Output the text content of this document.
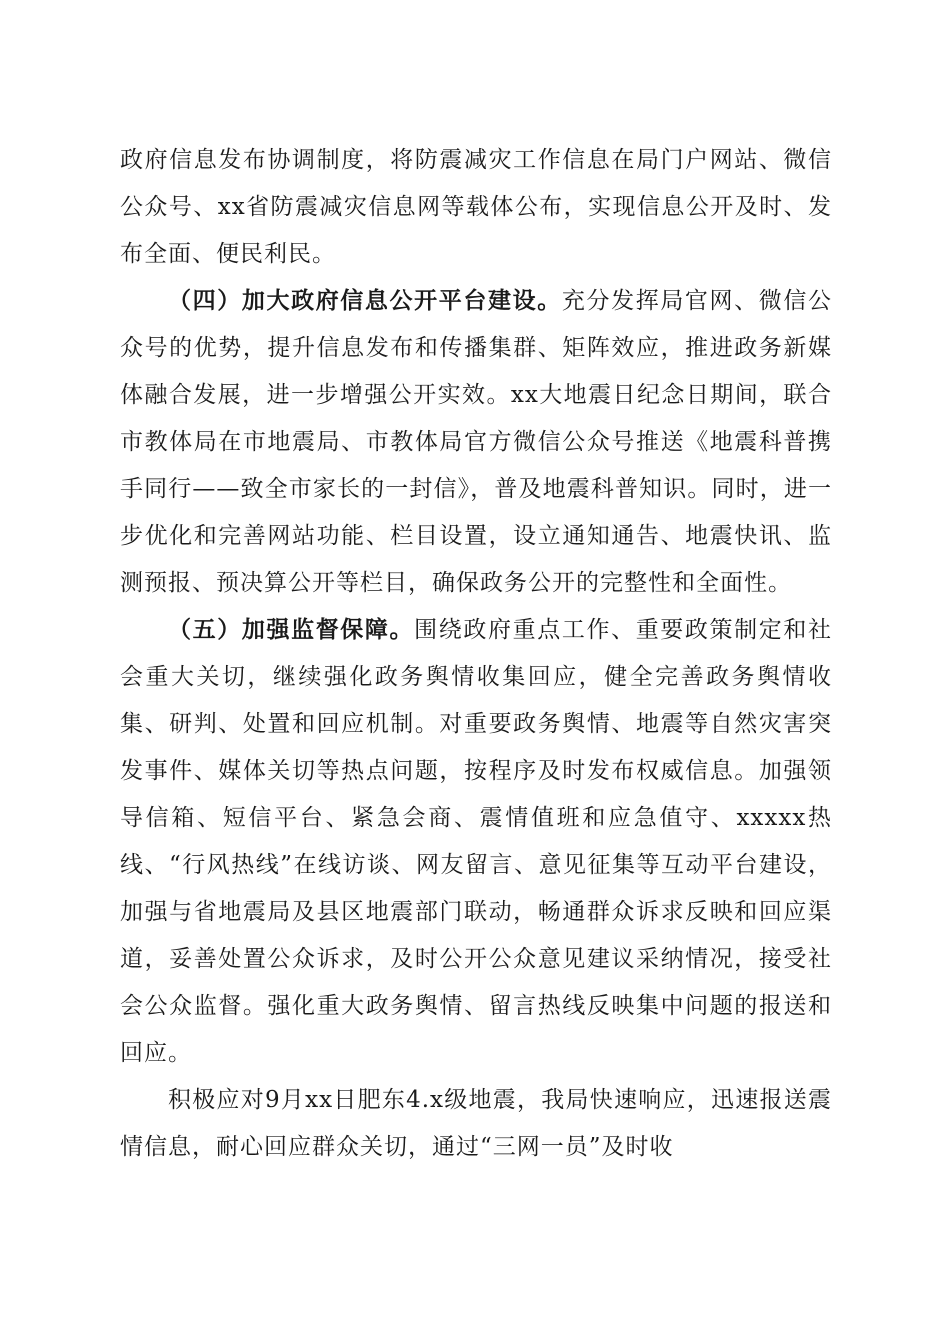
政府信息发布协调制度，将防震减灾工作信息在局门户网站、微信公众号、xx省防震减灾信息网等载体公布，实现信息公开及时、发布全面、便民利民。

（四）加大政府信息公开平台建设。充分发挥局官网、微信公众号的优势，提升信息发布和传播集群、矩阵效应，推进政务新媒体融合发展，进一步增强公开实效。xx大地震日纪念日期间，联合市教体局在市地震局、市教体局官方微信公众号推送《地震科普携手同行——致全市家长的一封信》，普及地震科普知识。同时，进一步优化和完善网站功能、栏目设置，设立通知通告、地震快讯、监测预报、预决算公开等栏目，确保政务公开的完整性和全面性。

（五）加强监督保障。围绕政府重点工作、重要政策制定和社会重大关切，继续强化政务舆情收集回应，健全完善政务舆情收集、研判、处置和回应机制。对重要政务舆情、地震等自然灾害突发事件、媒体关切等热点问题，按程序及时发布权威信息。加强领导信箱、短信平台、紧急会商、震情值班和应急值守、xxxxx热线、“行风热线”在线访谈、网友留言、意见征集等互动平台建设，加强与省地震局及县区地震部门联动，畅通群众诉求反映和回应渠道，妥善处置公众诉求，及时公开公众意见建议采纳情况，接受社会公众监督。强化重大政务舆情、留言热线反映集中问题的报送和回应。

积极应对9月xx日肥东4.x级地震，我局快速响应，迅速报送震情信息，耐心回应群众关切，通过“三网一员”及时收
